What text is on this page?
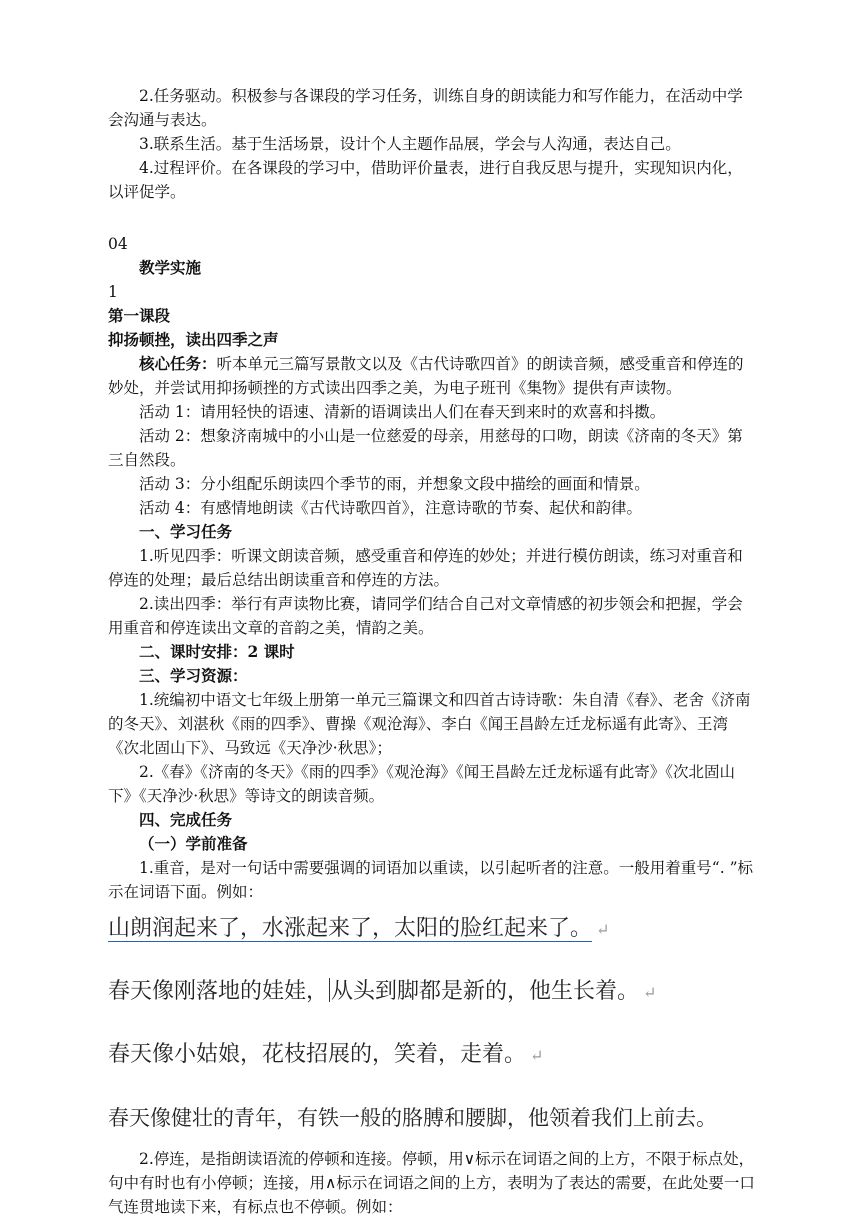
2.任务驱动。积极参与各课段的学习任务，训练自身的朗读能力和写作能力，在活动中学会沟通与表达。

3.联系生活。基于生活场景，设计个人主题作品展，学会与人沟通，表达自己。

4.过程评价。在各课段的学习中，借助评价量表，进行自我反思与提升，实现知识内化，以评促学。

04

教学实施

1

第一课段

抑扬顿挫，读出四季之声

核心任务：听本单元三篇写景散文以及《古代诗歌四首》的朗读音频，感受重音和停连的妙处，并尝试用抑扬顿挫的方式读出四季之美，为电子班刊《集物》提供有声读物。

活动 1：请用轻快的语速、清新的语调读出人们在春天到来时的欢喜和抖擞。

活动 2：想象济南城中的小山是一位慈爱的母亲，用慈母的口吻，朗读《济南的冬天》第三自然段。

活动 3：分小组配乐朗读四个季节的雨，并想象文段中描绘的画面和情景。

活动 4：有感情地朗读《古代诗歌四首》，注意诗歌的节奏、起伏和韵律。

一、学习任务

1.听见四季：听课文朗读音频，感受重音和停连的妙处；并进行模仿朗读，练习对重音和停连的处理；最后总结出朗读重音和停连的方法。

2.读出四季：举行有声读物比赛，请同学们结合自己对文章情感的初步领会和把握，学会用重音和停连读出文章的音韵之美，情韵之美。

二、课时安排：2 课时

三、学习资源：

1.统编初中语文七年级上册第一单元三篇课文和四首古诗诗歌：朱自清《春》、老舍《济南的冬天》、刘湛秋《雨的四季》、曹操《观沧海》、李白《闻王昌龄左迁龙标遥有此寄》、王湾《次北固山下》、马致远《天净沙·秋思》；

2.《春》《济南的冬天》《雨的四季》《观沧海》《闻王昌龄左迁龙标遥有此寄》《次北固山下》《天净沙·秋思》等诗文的朗读音频。

四、完成任务

（一）学前准备

1.重音，是对一句话中需要强调的词语加以重读，以引起听者的注意。一般用着重号“. ”标示在词语下面。例如：

山朗润起来了，水涨起来了，太阳的脸红起来了。 ↵
春天像刚落地的娃娃， 从头到脚都是新的，他生长着。 ↵
春天像小姑娘，花枝招展的，笑着，走着。 ↵
春天像健壮的青年，有铁一般的胳膊和腰脚，他领着我们上前去。

2.停连，是指朗读语流的停顿和连接。停顿，用∨标示在词语之间的上方，不限于标点处，句中有时也有小停顿；连接，用∧标示在词语之间的上方，表明为了表达的需要，在此处要一口气连贯地读下来，有标点也不停顿。例如：
